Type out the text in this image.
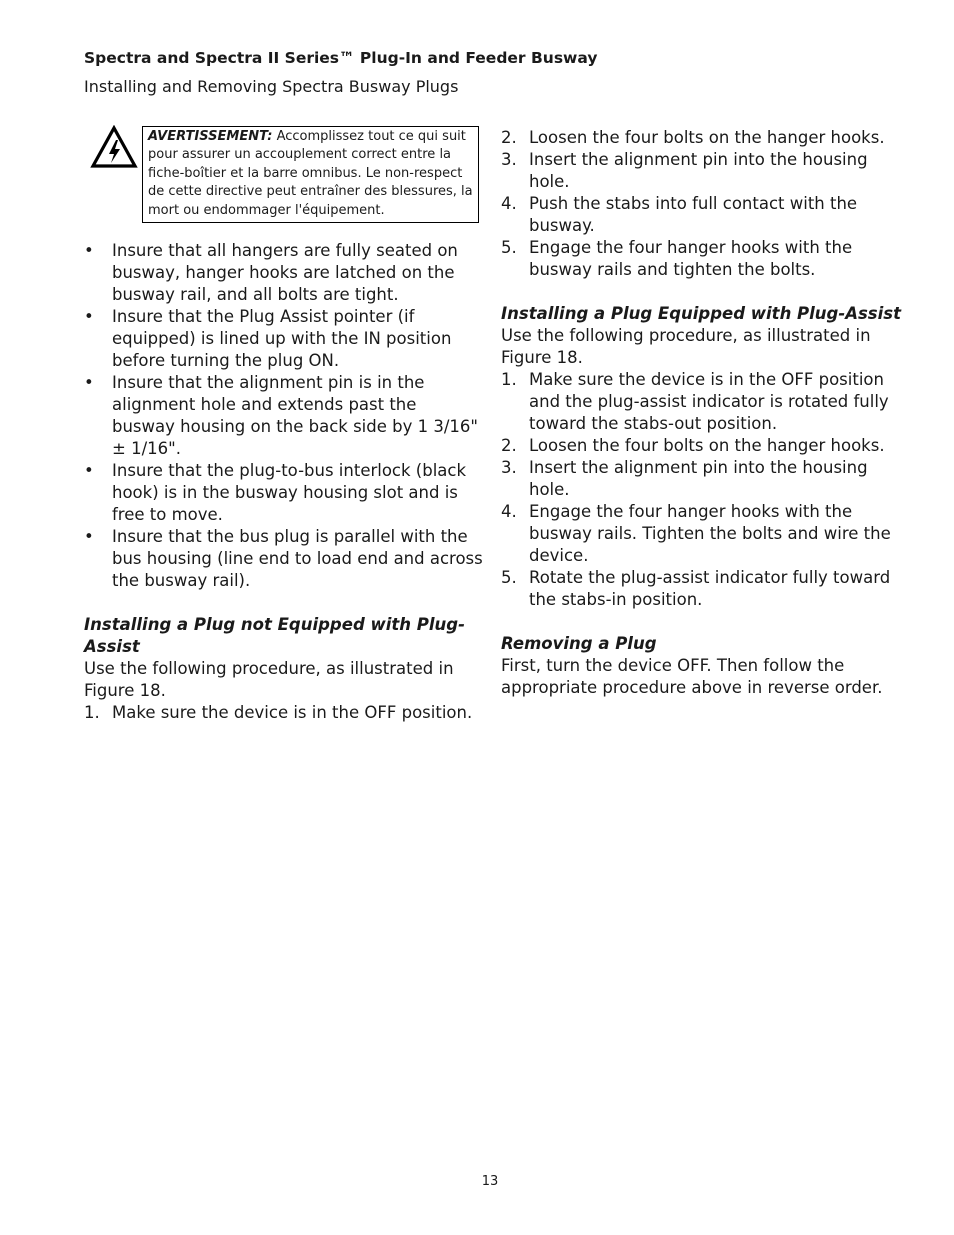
Spectra and Spectra II Series™ Plug-In and Feeder Busway
Installing and Removing Spectra Busway Plugs
AVERTISSEMENT: Accomplissez tout ce qui suit pour assurer un accouplement correct entre la fiche-boîtier et la barre omnibus. Le non-respect de cette directive peut entraîner des blessures, la mort ou endommager l'équipement.
• Insure that all hangers are fully seated on busway, hanger hooks are latched on the busway rail, and all bolts are tight.
• Insure that the Plug Assist pointer (if equipped) is lined up with the IN position before turning the plug ON.
• Insure that the alignment pin is in the alignment hole and extends past the busway housing on the back side by 1 3/16" ± 1/16".
• Insure that the plug-to-bus interlock (black hook) is in the busway housing slot and is free to move.
• Insure that the bus plug is parallel with the bus housing (line end to load end and across the busway rail).
Installing a Plug not Equipped with Plug-Assist
Use the following procedure, as illustrated in Figure 18.
1. Make sure the device is in the OFF position.
2. Loosen the four bolts on the hanger hooks.
3. Insert the alignment pin into the housing hole.
4. Push the stabs into full contact with the busway.
5. Engage the four hanger hooks with the busway rails and tighten the bolts.
Installing a Plug Equipped with Plug-Assist
Use the following procedure, as illustrated in Figure 18.
1. Make sure the device is in the OFF position and the plug-assist indicator is rotated fully toward the stabs-out position.
2. Loosen the four bolts on the hanger hooks.
3. Insert the alignment pin into the housing hole.
4. Engage the four hanger hooks with the busway rails. Tighten the bolts and wire the device.
5. Rotate the plug-assist indicator fully toward the stabs-in position.
Removing a Plug
First, turn the device OFF. Then follow the appropriate procedure above in reverse order.
13
